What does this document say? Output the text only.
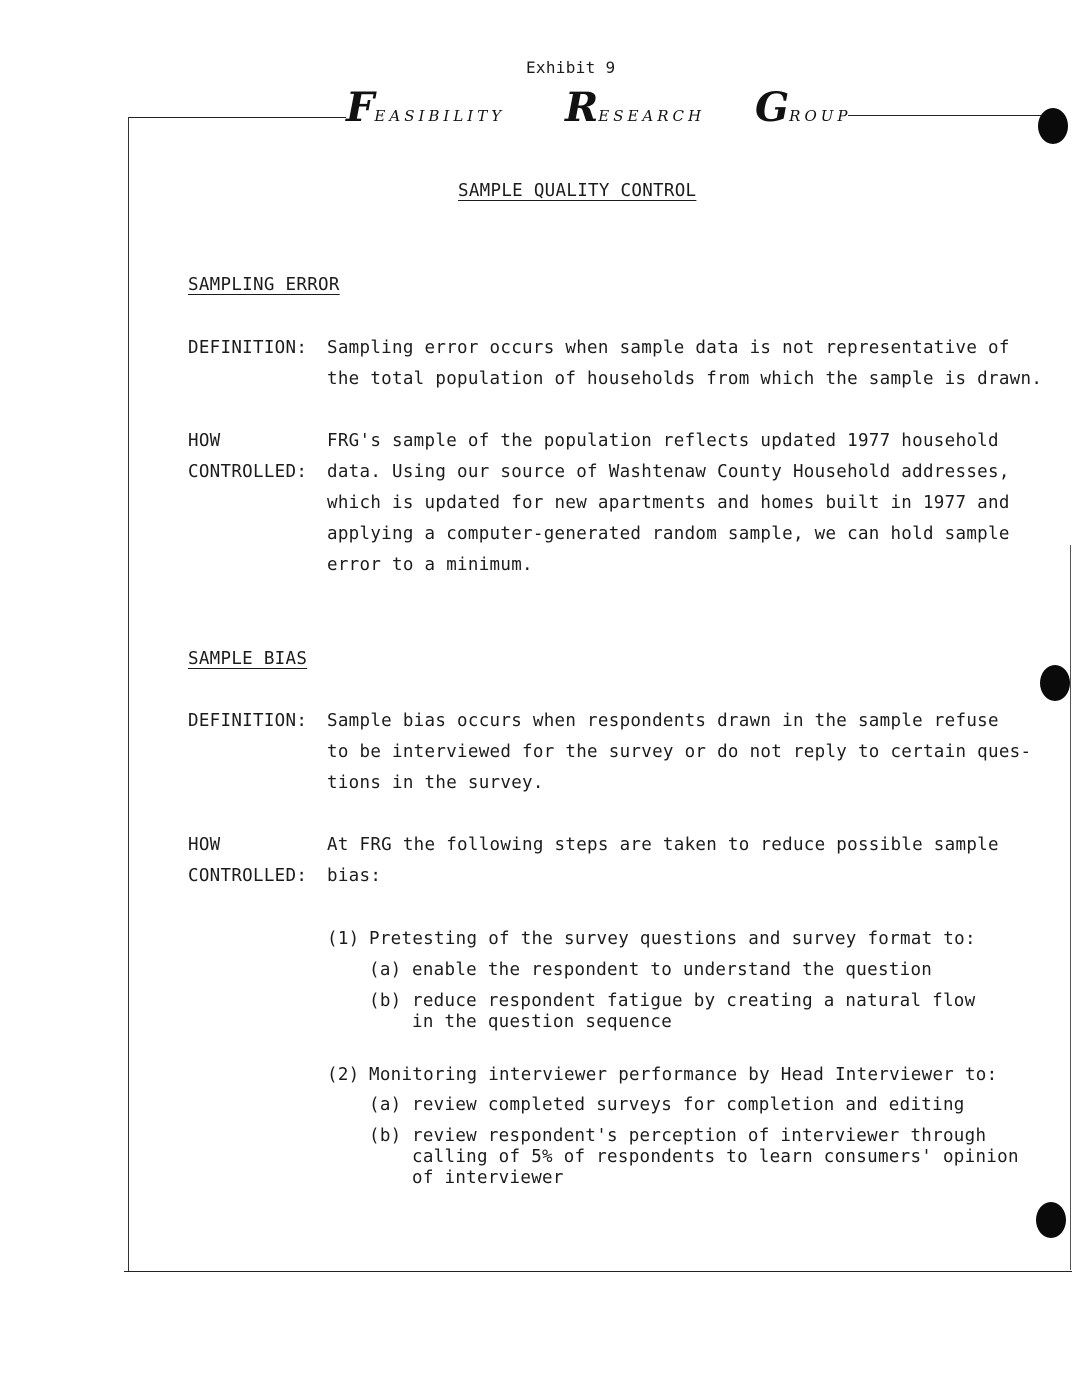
Exhibit 9
FEASIBILITY RESEARCH GROUP
SAMPLE QUALITY CONTROL
SAMPLING ERROR
DEFINITION: Sampling error occurs when sample data is not representative of
the total population of households from which the sample is drawn.
HOW
CONTROLLED:
FRG's sample of the population reflects updated 1977 household
data. Using our source of Washtenaw County Household addresses,
which is updated for new apartments and homes built in 1977 and
applying a computer-generated random sample, we can hold sample
error to a minimum.
SAMPLE BIAS
DEFINITION: Sample bias occurs when respondents drawn in the sample refuse
to be interviewed for the survey or do not reply to certain ques-
tions in the survey.
HOW
CONTROLLED:
At FRG the following steps are taken to reduce possible sample
bias:
(1) Pretesting of the survey questions and survey format to:
(a) enable the respondent to understand the question
(b) reduce respondent fatigue by creating a natural flow
in the question sequence
(2) Monitoring interviewer performance by Head Interviewer to:
(a) review completed surveys for completion and editing
(b) review respondent's perception of interviewer through
calling of 5% of respondents to learn consumers' opinion
of interviewer
